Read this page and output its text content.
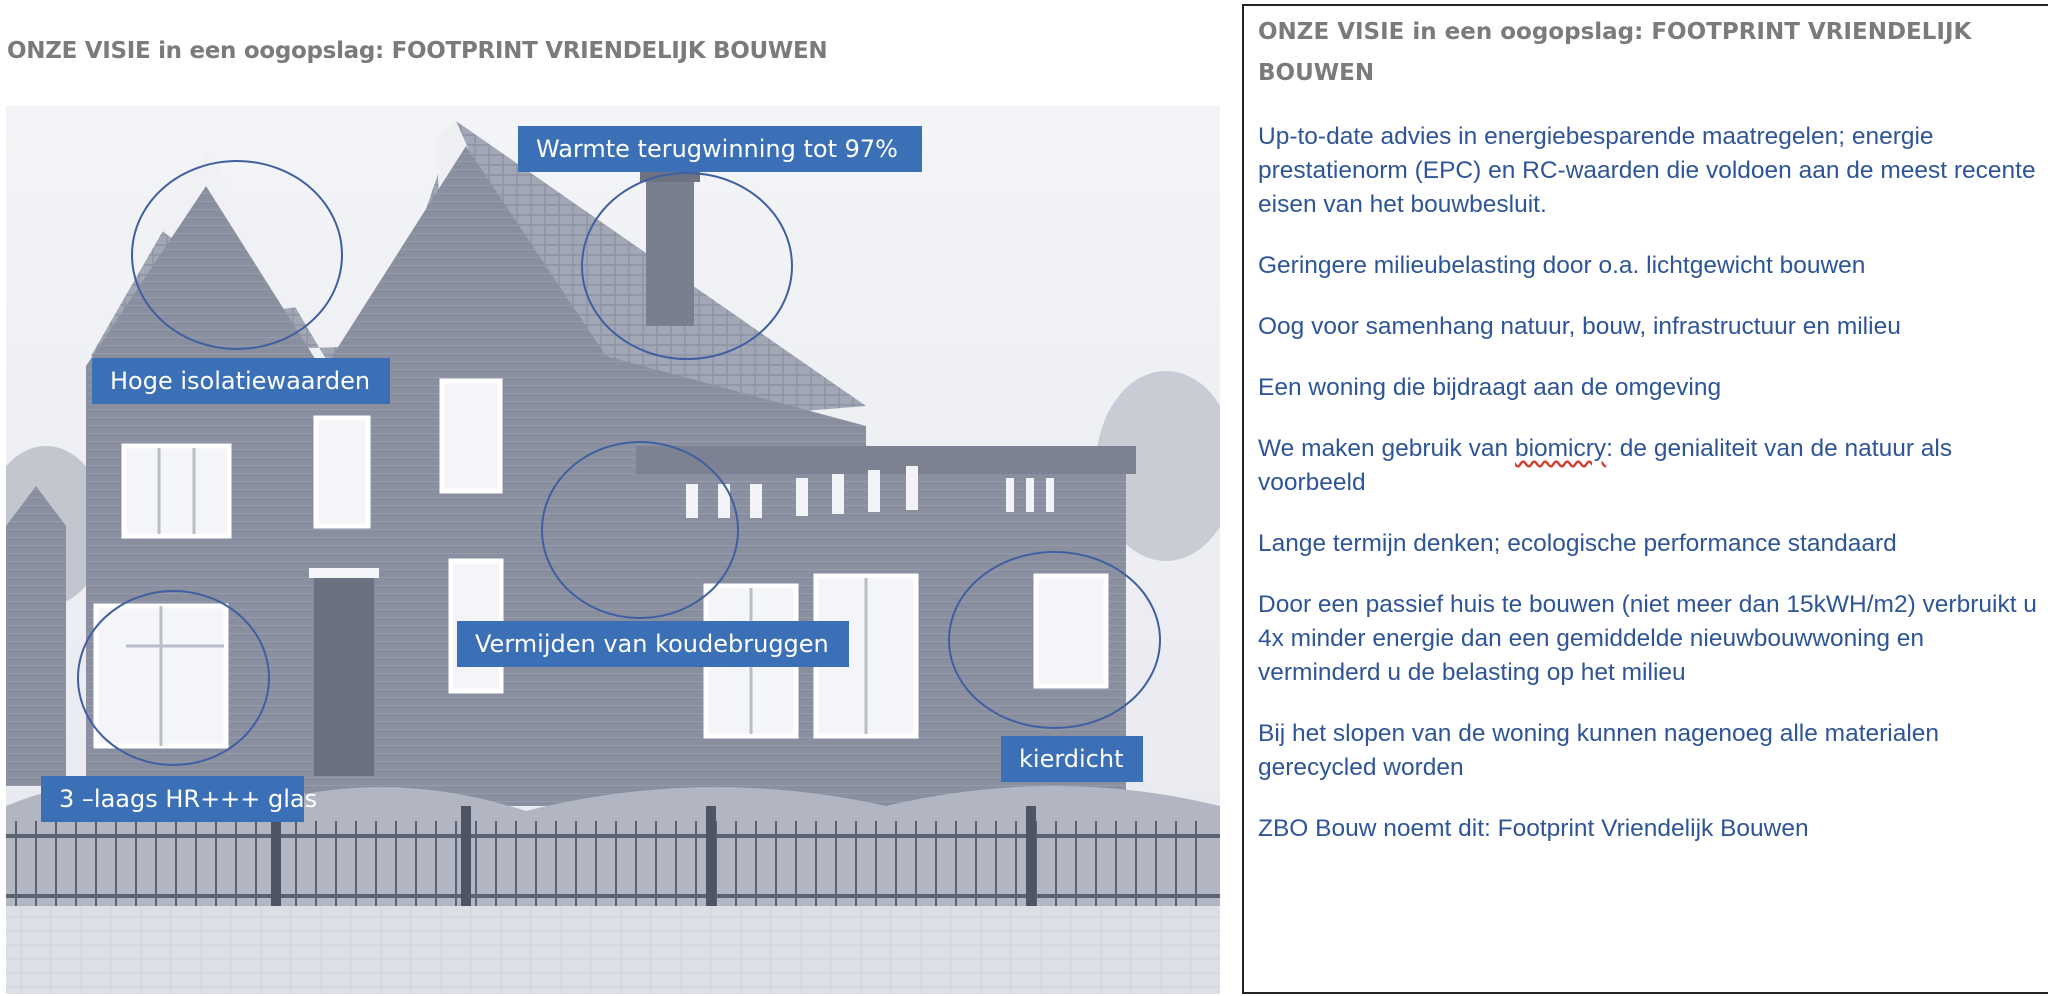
ONZE VISIE in een oogopslag: FOOTPRINT VRIENDELIJK BOUWEN
Warmte terugwinning tot 97%
Hoge isolatiewaarden
Vermijden van koudebruggen
kierdicht
3 –laags HR+++ glas
ONZE VISIE in een oogopslag: FOOTPRINT VRIENDELIJK BOUWEN
Up-to-date advies in energiebesparende maatregelen; energie prestatienorm (EPC) en RC-waarden die voldoen aan de meest recente eisen van het bouwbesluit.
Geringere milieubelasting door o.a. lichtgewicht bouwen
Oog voor samenhang natuur, bouw, infrastructuur en milieu
Een woning die bijdraagt aan de omgeving
We maken gebruik van biomicry: de genialiteit van de natuur als voorbeeld
Lange termijn denken; ecologische performance standaard
Door een passief huis te bouwen (niet meer dan 15kWH/m2) verbruikt u 4x minder energie dan een gemiddelde nieuwbouwwoning en verminderd u de belasting op het milieu
Bij het slopen van de woning kunnen nagenoeg alle materialen gerecycled worden
ZBO Bouw noemt dit: Footprint Vriendelijk Bouwen
